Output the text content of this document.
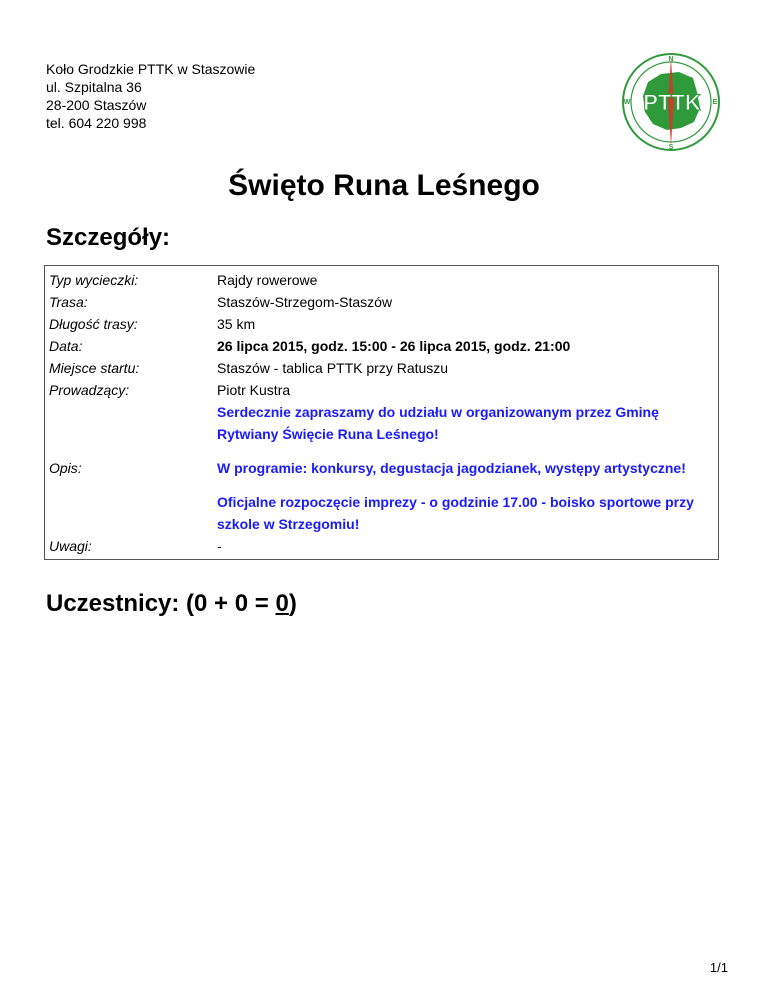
Koło Grodzkie PTTK w Staszowie
ul. Szpitalna 36
28-200 Staszów
tel. 604 220 998
N
E
S
W PTTK
Święto Runa Leśnego
Szczegóły:
Typ wycieczki:	Rajdy rowerowe
Trasa:	Staszów-Strzegom-Staszów
Długość trasy:	35 km
Data:	26 lipca 2015, godz. 15:00 - 26 lipca 2015, godz. 21:00
Miejsce startu:	Staszów - tablica PTTK przy Ratuszu
Prowadzący:	Piotr Kustra
Opis:	Serdecznie zapraszamy do udziału w organizowanym przez Gminę Rytwiany Święcie Runa Leśnego!

W programie: konkursy, degustacja jagodzianek, występy artystyczne!

Oficjalne rozpoczęcie imprezy - o godzinie 17.00 - boisko sportowe przy szkole w Strzegomiu!

Uwagi:	-
Uczestnicy: (0 + 0 = 0)
1/1
